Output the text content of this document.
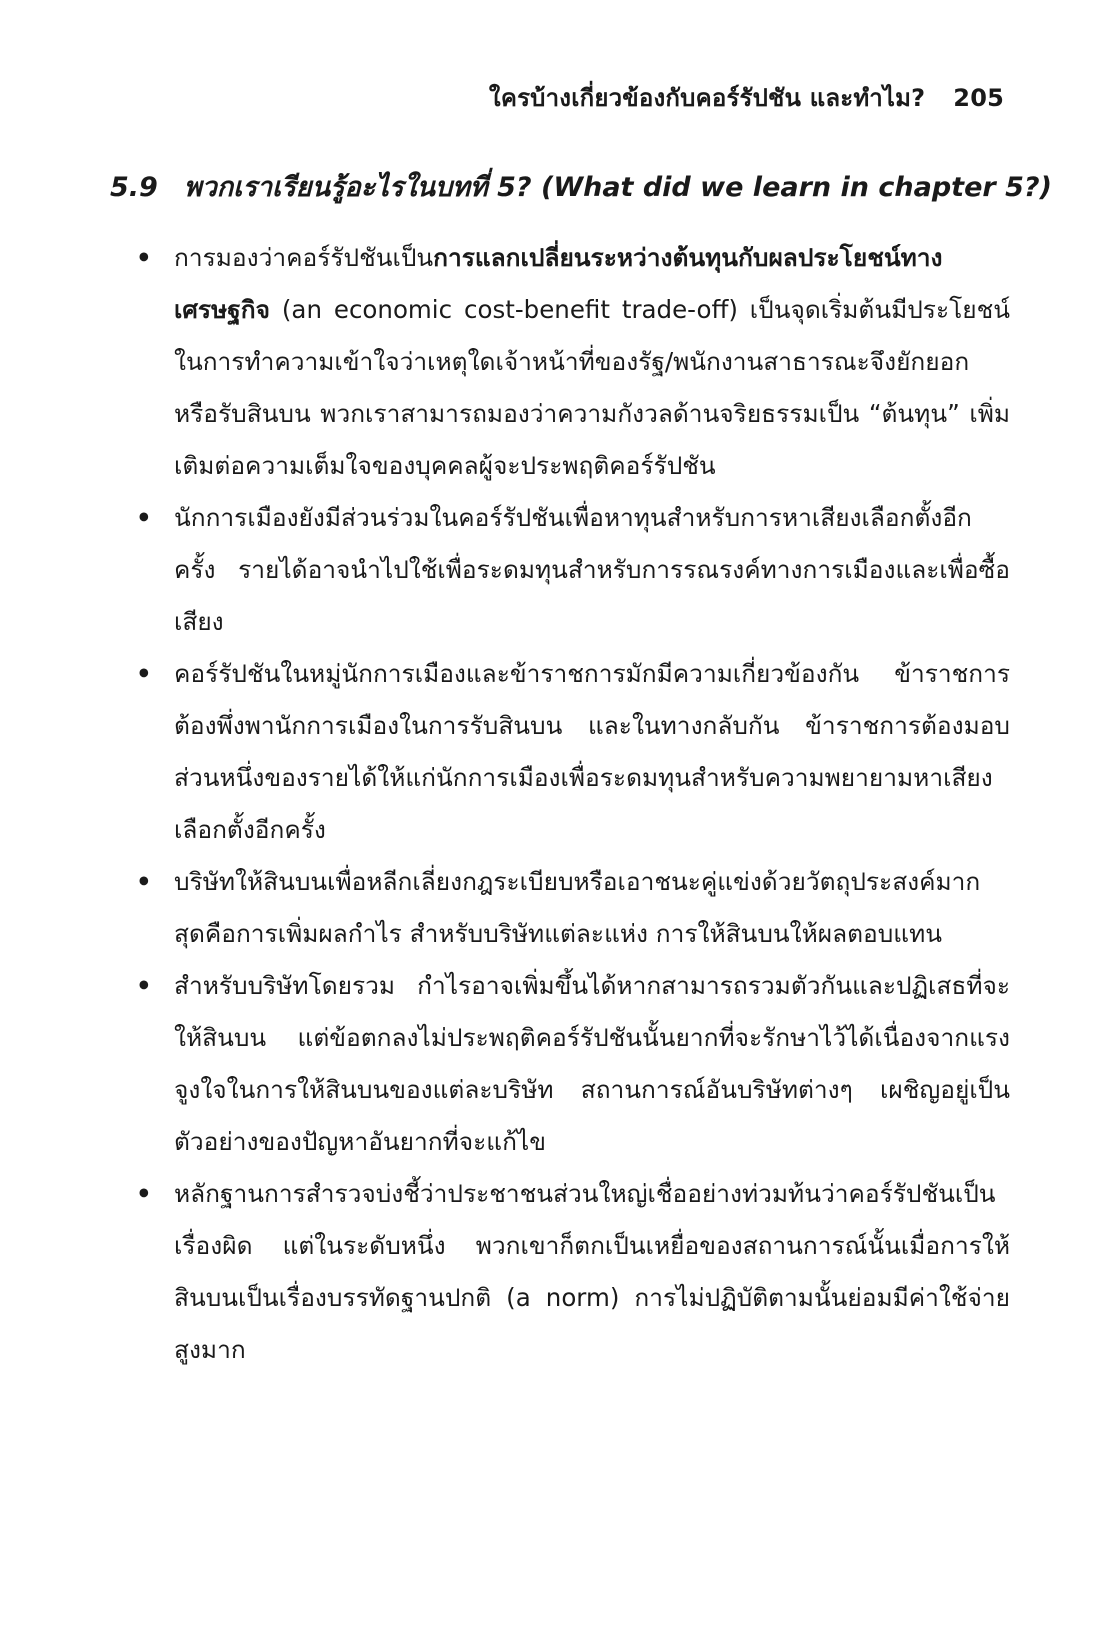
ใครบ้างเกี่ยวข้องกับคอร์รัปชัน และทำไม? 205
5.9 พวกเราเรียนรู้อะไรในบทที่ 5? (What did we learn in chapter 5?)
• การมองว่าคอร์รัปชันเป็นการแลกเปลี่ยนระหว่างต้นทุนกับผลประโยชน์ทางเศรษฐกิจ (an economic cost-benefit trade-off) เป็นจุดเริ่มต้นมีประโยชน์ในการทำความเข้าใจว่าเหตุใดเจ้าหน้าที่ของรัฐ/พนักงานสาธารณะจึงยักยอกหรือรับสินบน พวกเราสามารถมองว่าความกังวลด้านจริยธรรมเป็น “ต้นทุน” เพิ่มเติมต่อความเต็มใจของบุคคลผู้จะประพฤติคอร์รัปชัน
• นักการเมืองยังมีส่วนร่วมในคอร์รัปชันเพื่อหาทุนสำหรับการหาเสียงเลือกตั้งอีกครั้ง รายได้อาจนำไปใช้เพื่อระดมทุนสำหรับการรณรงค์ทางการเมืองและเพื่อซื้อเสียง
• คอร์รัปชันในหมู่นักการเมืองและข้าราชการมักมีความเกี่ยวข้องกัน ข้าราชการต้องพึ่งพานักการเมืองในการรับสินบน และในทางกลับกัน ข้าราชการต้องมอบส่วนหนึ่งของรายได้ให้แก่นักการเมืองเพื่อระดมทุนสำหรับความพยายามหาเสียงเลือกตั้งอีกครั้ง
• บริษัทให้สินบนเพื่อหลีกเลี่ยงกฎระเบียบหรือเอาชนะคู่แข่งด้วยวัตถุประสงค์มากสุดคือการเพิ่มผลกำไร สำหรับบริษัทแต่ละแห่ง การให้สินบนให้ผลตอบแทน
• สำหรับบริษัทโดยรวม กำไรอาจเพิ่มขึ้นได้หากสามารถรวมตัวกันและปฏิเสธที่จะให้สินบน แต่ข้อตกลงไม่ประพฤติคอร์รัปชันนั้นยากที่จะรักษาไว้ได้เนื่องจากแรงจูงใจในการให้สินบนของแต่ละบริษัท สถานการณ์อันบริษัทต่างๆ เผชิญอยู่เป็นตัวอย่างของปัญหาอันยากที่จะแก้ไข
• หลักฐานการสำรวจบ่งชี้ว่าประชาชนส่วนใหญ่เชื่ออย่างท่วมท้นว่าคอร์รัปชันเป็นเรื่องผิด แต่ในระดับหนึ่ง พวกเขาก็ตกเป็นเหยื่อของสถานการณ์นั้นเมื่อการให้สินบนเป็นเรื่องบรรทัดฐานปกติ (a norm) การไม่ปฏิบัติตามนั้นย่อมมีค่าใช้จ่ายสูงมาก
